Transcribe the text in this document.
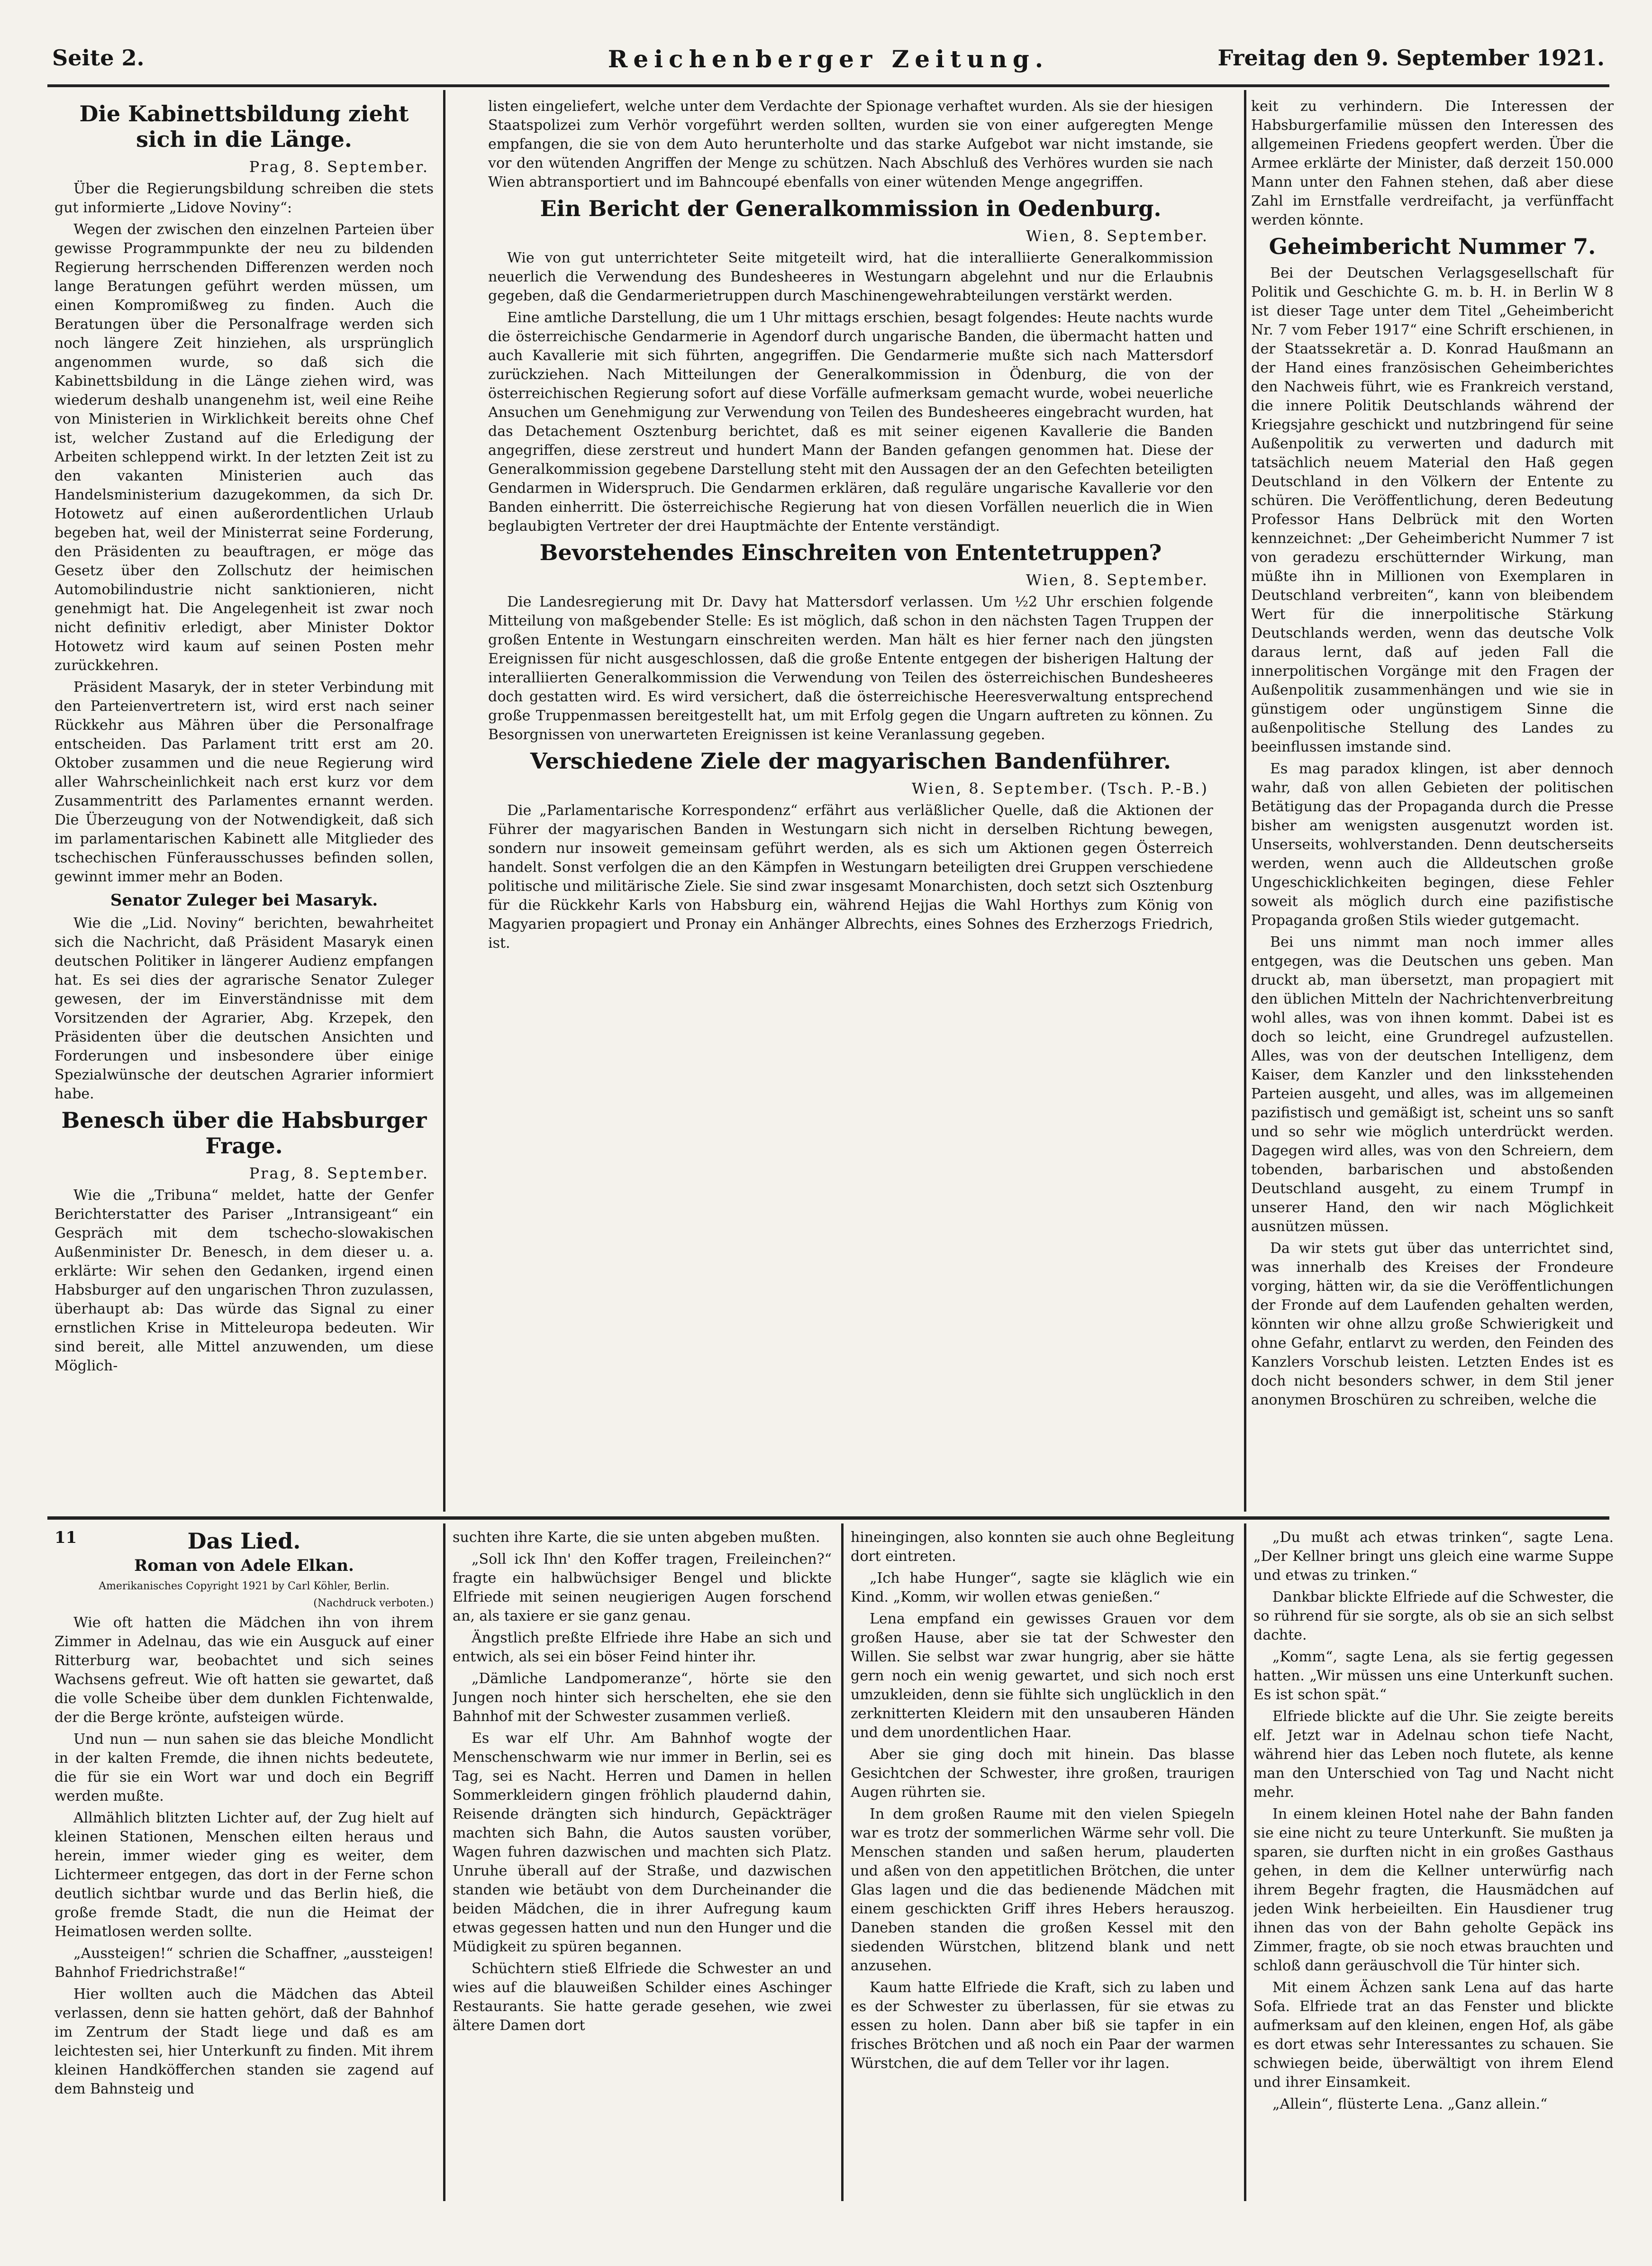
Seite 2.	Reichenberger Zeitung.	Freitag den 9. September 1921.
Die Kabinettsbildung zieht sich in die Länge.
Prag, 8. September.

Über die Regierungsbildung schreiben die stets gut informierte „Lidove Noviny“:

Wegen der zwischen den einzelnen Parteien über gewisse Programmpunkte der neu zu bildenden Regierung herrschenden Differenzen werden noch lange Beratungen geführt werden müssen, um einen Kompromißweg zu finden. Auch die Beratungen über die Personalfrage werden sich noch längere Zeit hinziehen, als ursprünglich angenommen wurde, so daß sich die Kabinettsbildung in die Länge ziehen wird, was wiederum deshalb unangenehm ist, weil eine Reihe von Ministerien in Wirklichkeit bereits ohne Chef ist, welcher Zustand auf die Erledigung der Arbeiten schleppend wirkt. In der letzten Zeit ist zu den vakanten Ministerien auch das Handelsministerium dazugekommen, da sich Dr. Hotowetz auf einen außerordentlichen Urlaub begeben hat, weil der Ministerrat seine Forderung, den Präsidenten zu beauftragen, er möge das Gesetz über den Zollschutz der heimischen Automobilindustrie nicht sanktionieren, nicht genehmigt hat. Die Angelegenheit ist zwar noch nicht definitiv erledigt, aber Minister Doktor Hotowetz wird kaum auf seinen Posten mehr zurückkehren.

Präsident Masaryk, der in steter Verbindung mit den Parteienvertretern ist, wird erst nach seiner Rückkehr aus Mähren über die Personalfrage entscheiden. Das Parlament tritt erst am 20. Oktober zusammen und die neue Regierung wird aller Wahrscheinlichkeit nach erst kurz vor dem Zusammentritt des Parlamentes ernannt werden. Die Überzeugung von der Notwendigkeit, daß sich im parlamentarischen Kabinett alle Mitglieder des tschechischen Fünferausschusses befinden sollen, gewinnt immer mehr an Boden.

Senator Zuleger bei Masaryk.

Wie die „Lid. Noviny“ berichten, bewahrheitet sich die Nachricht, daß Präsident Masaryk einen deutschen Politiker in längerer Audienz empfangen hat. Es sei dies der agrarische Senator Zuleger gewesen, der im Einverständnisse mit dem Vorsitzenden der Agrarier, Abg. Krzepek, den Präsidenten über die deutschen Ansichten und Forderungen und insbesondere über einige Spezialwünsche der deutschen Agrarier informiert habe.

Benesch über die Habsburger Frage.
Prag, 8. September.

Wie die „Tribuna“ meldet, hatte der Genfer Berichterstatter des Pariser „Intransigeant“ ein Gespräch mit dem tschecho-slowakischen Außenminister Dr. Benesch, in dem dieser u. a. erklärte: Wir sehen den Gedanken, irgend einen Habsburger auf den ungarischen Thron zuzulassen, überhaupt ab: Das würde das Signal zu einer ernstlichen Krise in Mitteleuropa bedeuten. Wir sind bereit, alle Mittel anzuwenden, um diese Möglich-

listen eingeliefert, welche unter dem Verdachte der Spionage verhaftet wurden. Als sie der hiesigen Staatspolizei zum Verhör vorgeführt werden sollten, wurden sie von einer aufgeregten Menge empfangen, die sie von dem Auto herunterholte und das starke Aufgebot war nicht imstande, sie vor den wütenden Angriffen der Menge zu schützen. Nach Abschluß des Verhöres wurden sie nach Wien abtransportiert und im Bahncoupé ebenfalls von einer wütenden Menge angegriffen.

Ein Bericht der Generalkommission in Oedenburg.
Wien, 8. September.

Wie von gut unterrichteter Seite mitgeteilt wird, hat die interalliierte Generalkommission neuerlich die Verwendung des Bundesheeres in Westungarn abgelehnt und nur die Erlaubnis gegeben, daß die Gendarmerietruppen durch Maschinengewehrabteilungen verstärkt werden.

Eine amtliche Darstellung, die um 1 Uhr mittags erschien, besagt folgendes: Heute nachts wurde die österreichische Gendarmerie in Agendorf durch ungarische Banden, die übermacht hatten und auch Kavallerie mit sich führten, angegriffen. Die Gendarmerie mußte sich nach Mattersdorf zurückziehen. Nach Mitteilungen der Generalkommission in Ödenburg, die von der österreichischen Regierung sofort auf diese Vorfälle aufmerksam gemacht wurde, wobei neuerliche Ansuchen um Genehmigung zur Verwendung von Teilen des Bundesheeres eingebracht wurden, hat das Detachement Osztenburg berichtet, daß es mit seiner eigenen Kavallerie die Banden angegriffen, diese zerstreut und hundert Mann der Banden gefangen genommen hat. Diese der Generalkommission gegebene Darstellung steht mit den Aussagen der an den Gefechten beteiligten Gendarmen in Widerspruch. Die Gendarmen erklären, daß reguläre ungarische Kavallerie vor den Banden einherritt. Die österreichische Regierung hat von diesen Vorfällen neuerlich die in Wien beglaubigten Vertreter der drei Hauptmächte der Entente verständigt.

Bevorstehendes Einschreiten von Ententetruppen?
Wien, 8. September.

Die Landesregierung mit Dr. Davy hat Mattersdorf verlassen. Um ½2 Uhr erschien folgende Mitteilung von maßgebender Stelle: Es ist möglich, daß schon in den nächsten Tagen Truppen der großen Entente in Westungarn einschreiten werden. Man hält es hier ferner nach den jüngsten Ereignissen für nicht ausgeschlossen, daß die große Entente entgegen der bisherigen Haltung der interalliierten Generalkommission die Verwendung von Teilen des österreichischen Bundesheeres doch gestatten wird. Es wird versichert, daß die österreichische Heeresverwaltung entsprechend große Truppenmassen bereitgestellt hat, um mit Erfolg gegen die Ungarn auftreten zu können. Zu Besorgnissen von unerwarteten Ereignissen ist keine Veranlassung gegeben.

Verschiedene Ziele der magyarischen Bandenführer.
Wien, 8. September. (Tsch. P.-B.)

Die „Parlamentarische Korrespondenz“ erfährt aus verläßlicher Quelle, daß die Aktionen der Führer der magyarischen Banden in Westungarn sich nicht in derselben Richtung bewegen, sondern nur insoweit gemeinsam geführt werden, als es sich um Aktionen gegen Österreich handelt. Sonst verfolgen die an den Kämpfen in Westungarn beteiligten drei Gruppen verschiedene politische und militärische Ziele. Sie sind zwar insgesamt Monarchisten, doch setzt sich Osztenburg für die Rückkehr Karls von Habsburg ein, während Hejjas die Wahl Horthys zum König von Magyarien propagiert und Pronay ein Anhänger Albrechts, eines Sohnes des Erzherzogs Friedrich, ist.

keit zu verhindern. Die Interessen der Habsburgerfamilie müssen den Interessen des allgemeinen Friedens geopfert werden. Über die Armee erklärte der Minister, daß derzeit 150.000 Mann unter den Fahnen stehen, daß aber diese Zahl im Ernstfalle verdreifacht, ja verfünffacht werden könnte.

Geheimbericht Nummer 7.

Bei der Deutschen Verlagsgesellschaft für Politik und Geschichte G. m. b. H. in Berlin W 8 ist dieser Tage unter dem Titel „Geheimbericht Nr. 7 vom Feber 1917“ eine Schrift erschienen, in der Staatssekretär a. D. Konrad Haußmann an der Hand eines französischen Geheimberichtes den Nachweis führt, wie es Frankreich verstand, die innere Politik Deutschlands während der Kriegsjahre geschickt und nutzbringend für seine Außenpolitik zu verwerten und dadurch mit tatsächlich neuem Material den Haß gegen Deutschland in den Völkern der Entente zu schüren. Die Veröffentlichung, deren Bedeutung Professor Hans Delbrück mit den Worten kennzeichnet: „Der Geheimbericht Nummer 7 ist von geradezu erschütternder Wirkung, man müßte ihn in Millionen von Exemplaren in Deutschland verbreiten“, kann von bleibendem Wert für die innerpolitische Stärkung Deutschlands werden, wenn das deutsche Volk daraus lernt, daß auf jeden Fall die innerpolitischen Vorgänge mit den Fragen der Außenpolitik zusammenhängen und wie sie in günstigem oder ungünstigem Sinne die außenpolitische Stellung des Landes zu beeinflussen imstande sind.

Es mag paradox klingen, ist aber dennoch wahr, daß von allen Gebieten der politischen Betätigung das der Propaganda durch die Presse bisher am wenigsten ausgenutzt worden ist. Unserseits, wohlverstanden. Denn deutscherseits werden, wenn auch die Alldeutschen große Ungeschicklichkeiten begingen, diese Fehler soweit als möglich durch eine pazifistische Propaganda großen Stils wieder gutgemacht.

Bei uns nimmt man noch immer alles entgegen, was die Deutschen uns geben. Man druckt ab, man übersetzt, man propagiert mit den üblichen Mitteln der Nachrichtenverbreitung wohl alles, was von ihnen kommt. Dabei ist es doch so leicht, eine Grundregel aufzustellen. Alles, was von der deutschen Intelligenz, dem Kaiser, dem Kanzler und den linksstehenden Parteien ausgeht, und alles, was im allgemeinen pazifistisch und gemäßigt ist, scheint uns so sanft und so sehr wie möglich unterdrückt werden. Dagegen wird alles, was von den Schreiern, dem tobenden, barbarischen und abstoßenden Deutschland ausgeht, zu einem Trumpf in unserer Hand, den wir nach Möglichkeit ausnützen müssen.

Da wir stets gut über das unterrichtet sind, was innerhalb des Kreises der Frondeure vorging, hätten wir, da sie die Veröffentlichungen der Fronde auf dem Laufenden gehalten werden, könnten wir ohne allzu große Schwierigkeit und ohne Gefahr, entlarvt zu werden, den Feinden des Kanzlers Vorschub leisten. Letzten Endes ist es doch nicht besonders schwer, in dem Stil jener anonymen Broschüren zu schreiben, welche die

11	Das Lied.
Roman von Adele Elkan.

Amerikanisches Copyright 1921 by Carl Köhler, Berlin.

(Nachdruck verboten.)

Wie oft hatten die Mädchen ihn von ihrem Zimmer in Adelnau, das wie ein Ausguck auf einer Ritterburg war, beobachtet und sich seines Wachsens gefreut. Wie oft hatten sie gewartet, daß die volle Scheibe über dem dunklen Fichtenwalde, der die Berge krönte, aufsteigen würde.

Und nun — nun sahen sie das bleiche Mondlicht in der kalten Fremde, die ihnen nichts bedeutete, die für sie ein Wort war und doch ein Begriff werden mußte.

Allmählich blitzten Lichter auf, der Zug hielt auf kleinen Stationen, Menschen eilten heraus und herein, immer wieder ging es weiter, dem Lichtermeer entgegen, das dort in der Ferne schon deutlich sichtbar wurde und das Berlin hieß, die große fremde Stadt, die nun die Heimat der Heimatlosen werden sollte.

„Aussteigen!“ schrien die Schaffner, „aussteigen! Bahnhof Friedrichstraße!“

Hier wollten auch die Mädchen das Abteil verlassen, denn sie hatten gehört, daß der Bahnhof im Zentrum der Stadt liege und daß es am leichtesten sei, hier Unterkunft zu finden. Mit ihrem kleinen Handköfferchen standen sie zagend auf dem Bahnsteig und

suchten ihre Karte, die sie unten abgeben mußten.

„Soll ick Ihn' den Koffer tragen, Freileinchen?“ fragte ein halbwüchsiger Bengel und blickte Elfriede mit seinen neugierigen Augen forschend an, als taxiere er sie ganz genau.

Ängstlich preßte Elfriede ihre Habe an sich und entwich, als sei ein böser Feind hinter ihr.

„Dämliche Landpomeranze“, hörte sie den Jungen noch hinter sich herschelten, ehe sie den Bahnhof mit der Schwester zusammen verließ.

Es war elf Uhr. Am Bahnhof wogte der Menschenschwarm wie nur immer in Berlin, sei es Tag, sei es Nacht. Herren und Damen in hellen Sommerkleidern gingen fröhlich plaudernd dahin, Reisende drängten sich hindurch, Gepäckträger machten sich Bahn, die Autos sausten vorüber, Wagen fuhren dazwischen und machten sich Platz. Unruhe überall auf der Straße, und dazwischen standen wie betäubt von dem Durcheinander die beiden Mädchen, die in ihrer Aufregung kaum etwas gegessen hatten und nun den Hunger und die Müdigkeit zu spüren begannen.

Schüchtern stieß Elfriede die Schwester an und wies auf die blauweißen Schilder eines Aschinger Restaurants. Sie hatte gerade gesehen, wie zwei ältere Damen dort

hineingingen, also konnten sie auch ohne Begleitung dort eintreten.

„Ich habe Hunger“, sagte sie kläglich wie ein Kind. „Komm, wir wollen etwas genießen.“

Lena empfand ein gewisses Grauen vor dem großen Hause, aber sie tat der Schwester den Willen. Sie selbst war zwar hungrig, aber sie hätte gern noch ein wenig gewartet, und sich noch erst umzukleiden, denn sie fühlte sich unglücklich in den zerknitterten Kleidern mit den unsauberen Händen und dem unordentlichen Haar.

Aber sie ging doch mit hinein. Das blasse Gesichtchen der Schwester, ihre großen, traurigen Augen rührten sie.

In dem großen Raume mit den vielen Spiegeln war es trotz der sommerlichen Wärme sehr voll. Die Menschen standen und saßen herum, plauderten und aßen von den appetitlichen Brötchen, die unter Glas lagen und die das bedienende Mädchen mit einem geschickten Griff ihres Hebers herauszog. Daneben standen die großen Kessel mit den siedenden Würstchen, blitzend blank und nett anzusehen.

Kaum hatte Elfriede die Kraft, sich zu laben und es der Schwester zu überlassen, für sie etwas zu essen zu holen. Dann aber biß sie tapfer in ein frisches Brötchen und aß noch ein Paar der warmen Würstchen, die auf dem Teller vor ihr lagen.

„Du mußt ach etwas trinken“, sagte Lena. „Der Kellner bringt uns gleich eine warme Suppe und etwas zu trinken.“

Dankbar blickte Elfriede auf die Schwester, die so rührend für sie sorgte, als ob sie an sich selbst dachte.

„Komm“, sagte Lena, als sie fertig gegessen hatten. „Wir müssen uns eine Unterkunft suchen. Es ist schon spät.“

Elfriede blickte auf die Uhr. Sie zeigte bereits elf. Jetzt war in Adelnau schon tiefe Nacht, während hier das Leben noch flutete, als kenne man den Unterschied von Tag und Nacht nicht mehr.

In einem kleinen Hotel nahe der Bahn fanden sie eine nicht zu teure Unterkunft. Sie mußten ja sparen, sie durften nicht in ein großes Gasthaus gehen, in dem die Kellner unterwürfig nach ihrem Begehr fragten, die Hausmädchen auf jeden Wink herbeieilten. Ein Hausdiener trug ihnen das von der Bahn geholte Gepäck ins Zimmer, fragte, ob sie noch etwas brauchten und schloß dann geräuschvoll die Tür hinter sich.

Mit einem Ächzen sank Lena auf das harte Sofa. Elfriede trat an das Fenster und blickte aufmerksam auf den kleinen, engen Hof, als gäbe es dort etwas sehr Interessantes zu schauen. Sie schwiegen beide, überwältigt von ihrem Elend und ihrer Einsamkeit.

„Allein“, flüsterte Lena. „Ganz allein.“
